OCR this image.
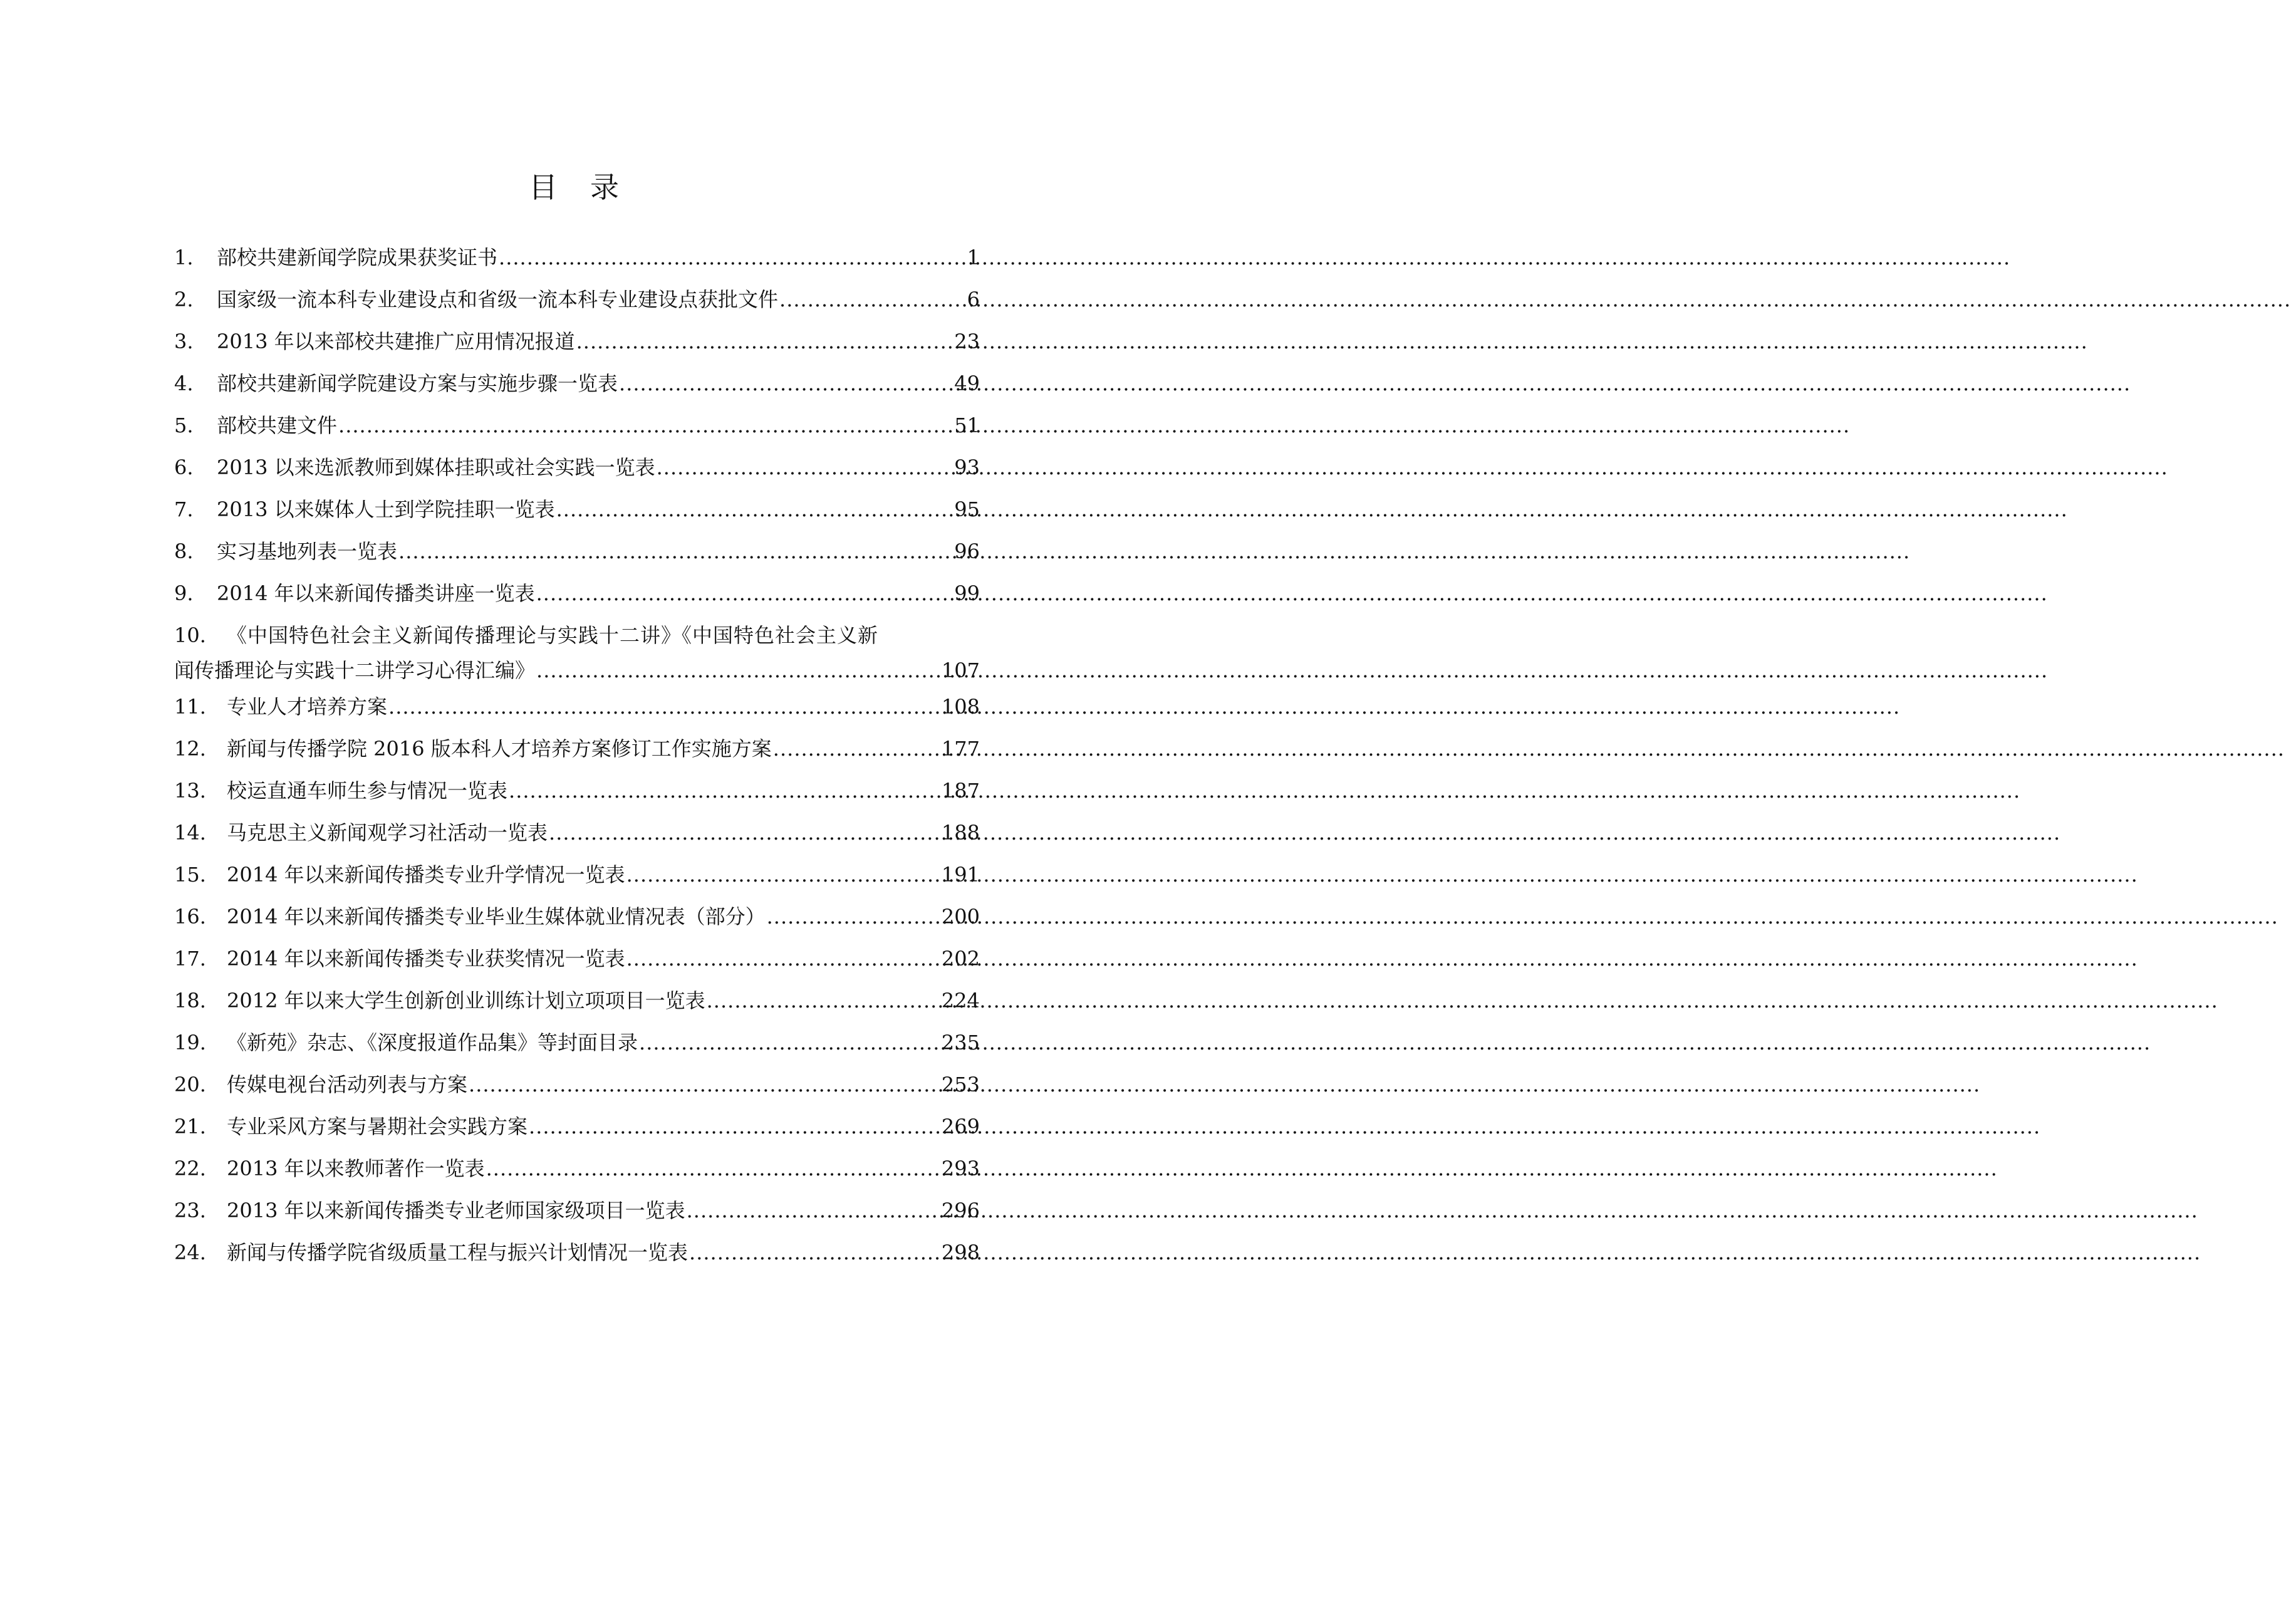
目 录
1.	部校共建新闻学院成果获奖证书 .....	1
2.	国家级一流本科专业建设点和省级一流本科专业建设点获批文件 .....	6
3.	2013 年以来部校共建推广应用情况报道 .....	23
4.	部校共建新闻学院建设方案与实施步骤一览表 .....	49
5.	部校共建文件 .....	51
6.	2013 以来选派教师到媒体挂职或社会实践一览表 .....	93
7.	2013 以来媒体人士到学院挂职一览表 .....	95
8.	实习基地列表一览表 .....	96
9.	2014 年以来新闻传播类讲座一览表 .....	99
10.	《中国特色社会主义新闻传播理论与实践十二讲》《中国特色社会主义新
闻传播理论与实践十二讲学习心得汇编》 .....	107
11.	专业人才培养方案 .....	108
12.	新闻与传播学院 2016 版本科人才培养方案修订工作实施方案 .....	177
13.	校运直通车师生参与情况一览表 .....	187
14.	马克思主义新闻观学习社活动一览表 .....	188
15.	2014 年以来新闻传播类专业升学情况一览表 .....	191
16.	2014 年以来新闻传播类专业毕业生媒体就业情况表（部分） .....	200
17.	2014 年以来新闻传播类专业获奖情况一览表 .....	202
18.	2012 年以来大学生创新创业训练计划立项项目一览表 .....	224
19.	《新苑》杂志、《深度报道作品集》等封面目录 .....	235
20.	传媒电视台活动列表与方案 .....	253
21.	专业采风方案与暑期社会实践方案 .....	269
22.	2013 年以来教师著作一览表 .....	293
23.	2013 年以来新闻传播类专业老师国家级项目一览表 .....	296
24.	新闻与传播学院省级质量工程与振兴计划情况一览表 .....	298
